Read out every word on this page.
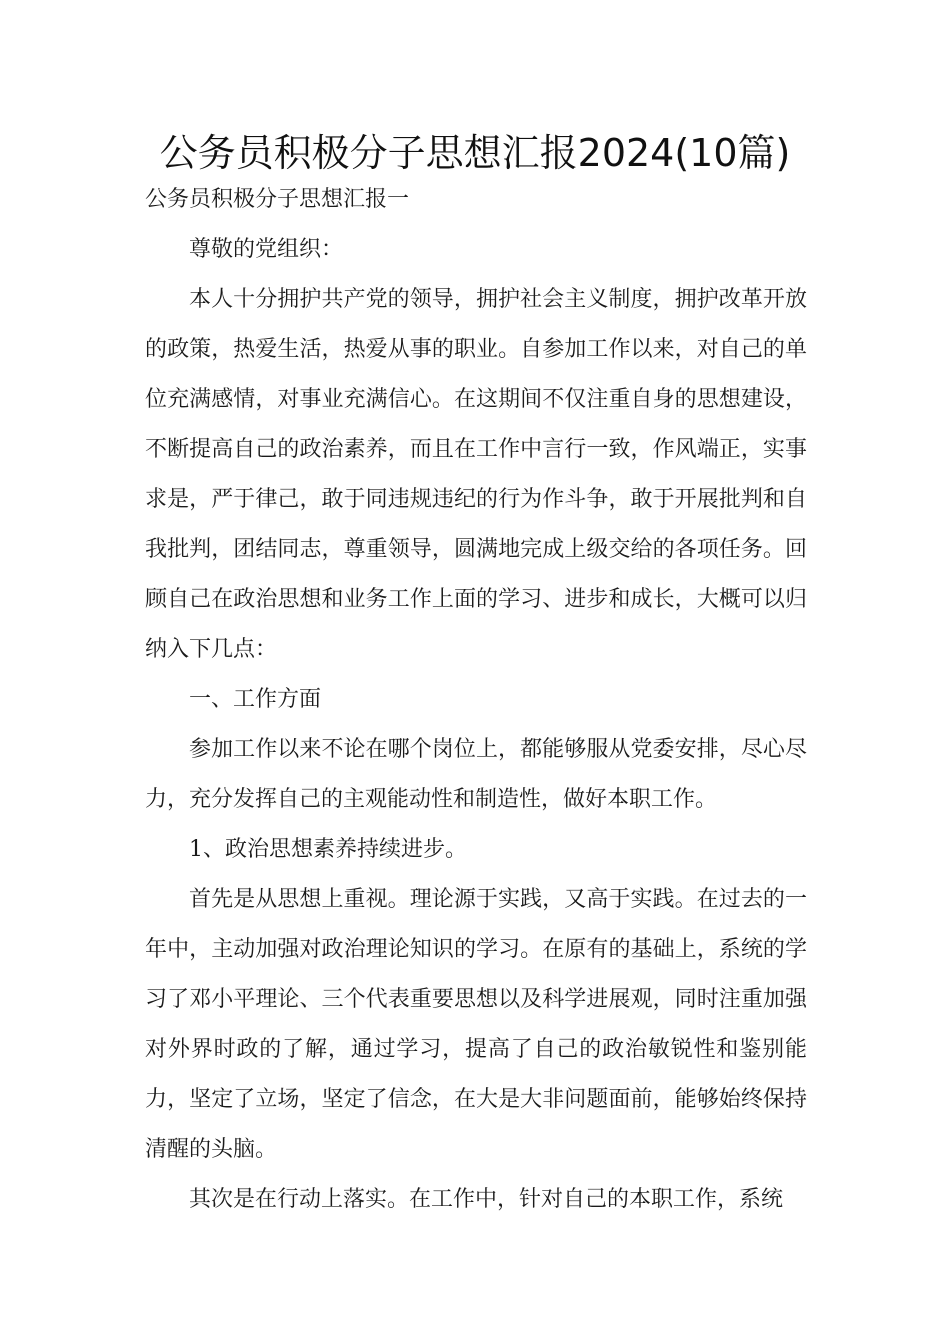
公务员积极分子思想汇报2024(10篇)

公务员积极分子思想汇报一

尊敬的党组织：

本人十分拥护共产党的领导，拥护社会主义制度，拥护改革开放的政策，热爱生活，热爱从事的职业。自参加工作以来，对自己的单位充满感情，对事业充满信心。在这期间不仅注重自身的思想建设，不断提高自己的政治素养，而且在工作中言行一致，作风端正，实事求是，严于律己，敢于同违规违纪的行为作斗争，敢于开展批判和自我批判，团结同志，尊重领导，圆满地完成上级交给的各项任务。回顾自己在政治思想和业务工作上面的学习、进步和成长，大概可以归纳入下几点：

一、工作方面

参加工作以来不论在哪个岗位上，都能够服从党委安排，尽心尽力，充分发挥自己的主观能动性和制造性，做好本职工作。

1、政治思想素养持续进步。

首先是从思想上重视。理论源于实践，又高于实践。在过去的一年中，主动加强对政治理论知识的学习。在原有的基础上，系统的学习了邓小平理论、三个代表重要思想以及科学进展观，同时注重加强对外界时政的了解，通过学习，提高了自己的政治敏锐性和鉴别能力，坚定了立场，坚定了信念，在大是大非问题面前，能够始终保持清醒的头脑。

其次是在行动上落实。在工作中，针对自己的本职工作，系统
